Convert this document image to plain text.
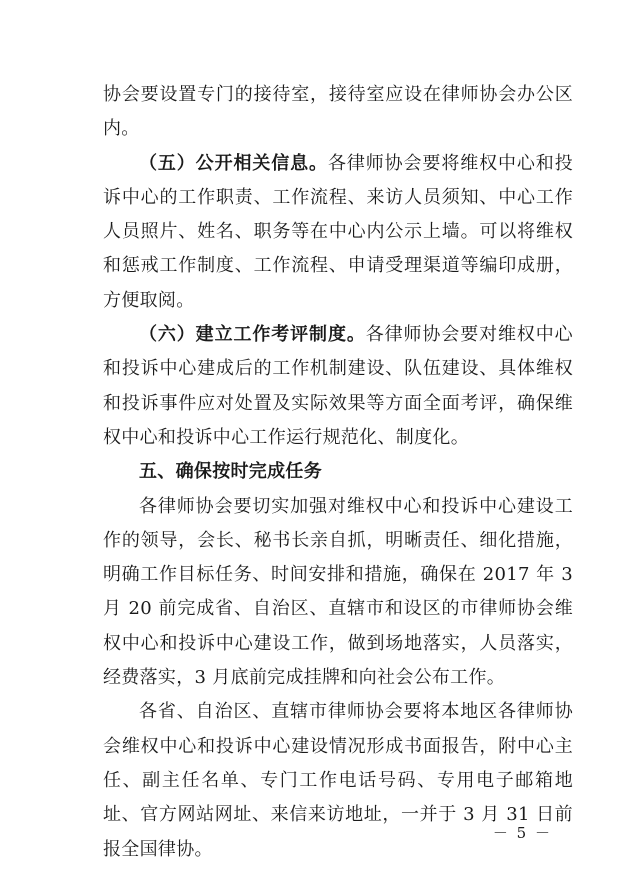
协会要设置专门的接待室，接待室应设在律师协会办公区内。

（五）公开相关信息。各律师协会要将维权中心和投诉中心的工作职责、工作流程、来访人员须知、中心工作人员照片、姓名、职务等在中心内公示上墙。可以将维权和惩戒工作制度、工作流程、申请受理渠道等编印成册，方便取阅。

（六）建立工作考评制度。各律师协会要对维权中心和投诉中心建成后的工作机制建设、队伍建设、具体维权和投诉事件应对处置及实际效果等方面全面考评，确保维权中心和投诉中心工作运行规范化、制度化。

五、确保按时完成任务

各律师协会要切实加强对维权中心和投诉中心建设工作的领导，会长、秘书长亲自抓，明晰责任、细化措施，明确工作目标任务、时间安排和措施，确保在 2017 年 3 月 20 前完成省、自治区、直辖市和设区的市律师协会维权中心和投诉中心建设工作，做到场地落实，人员落实，经费落实，3 月底前完成挂牌和向社会公布工作。

各省、自治区、直辖市律师协会要将本地区各律师协会维权中心和投诉中心建设情况形成书面报告，附中心主任、副主任名单、专门工作电话号码、专用电子邮箱地址、官方网站网址、来信来访地址，一并于 3 月 31 日前报全国律协。

－ 5 －
